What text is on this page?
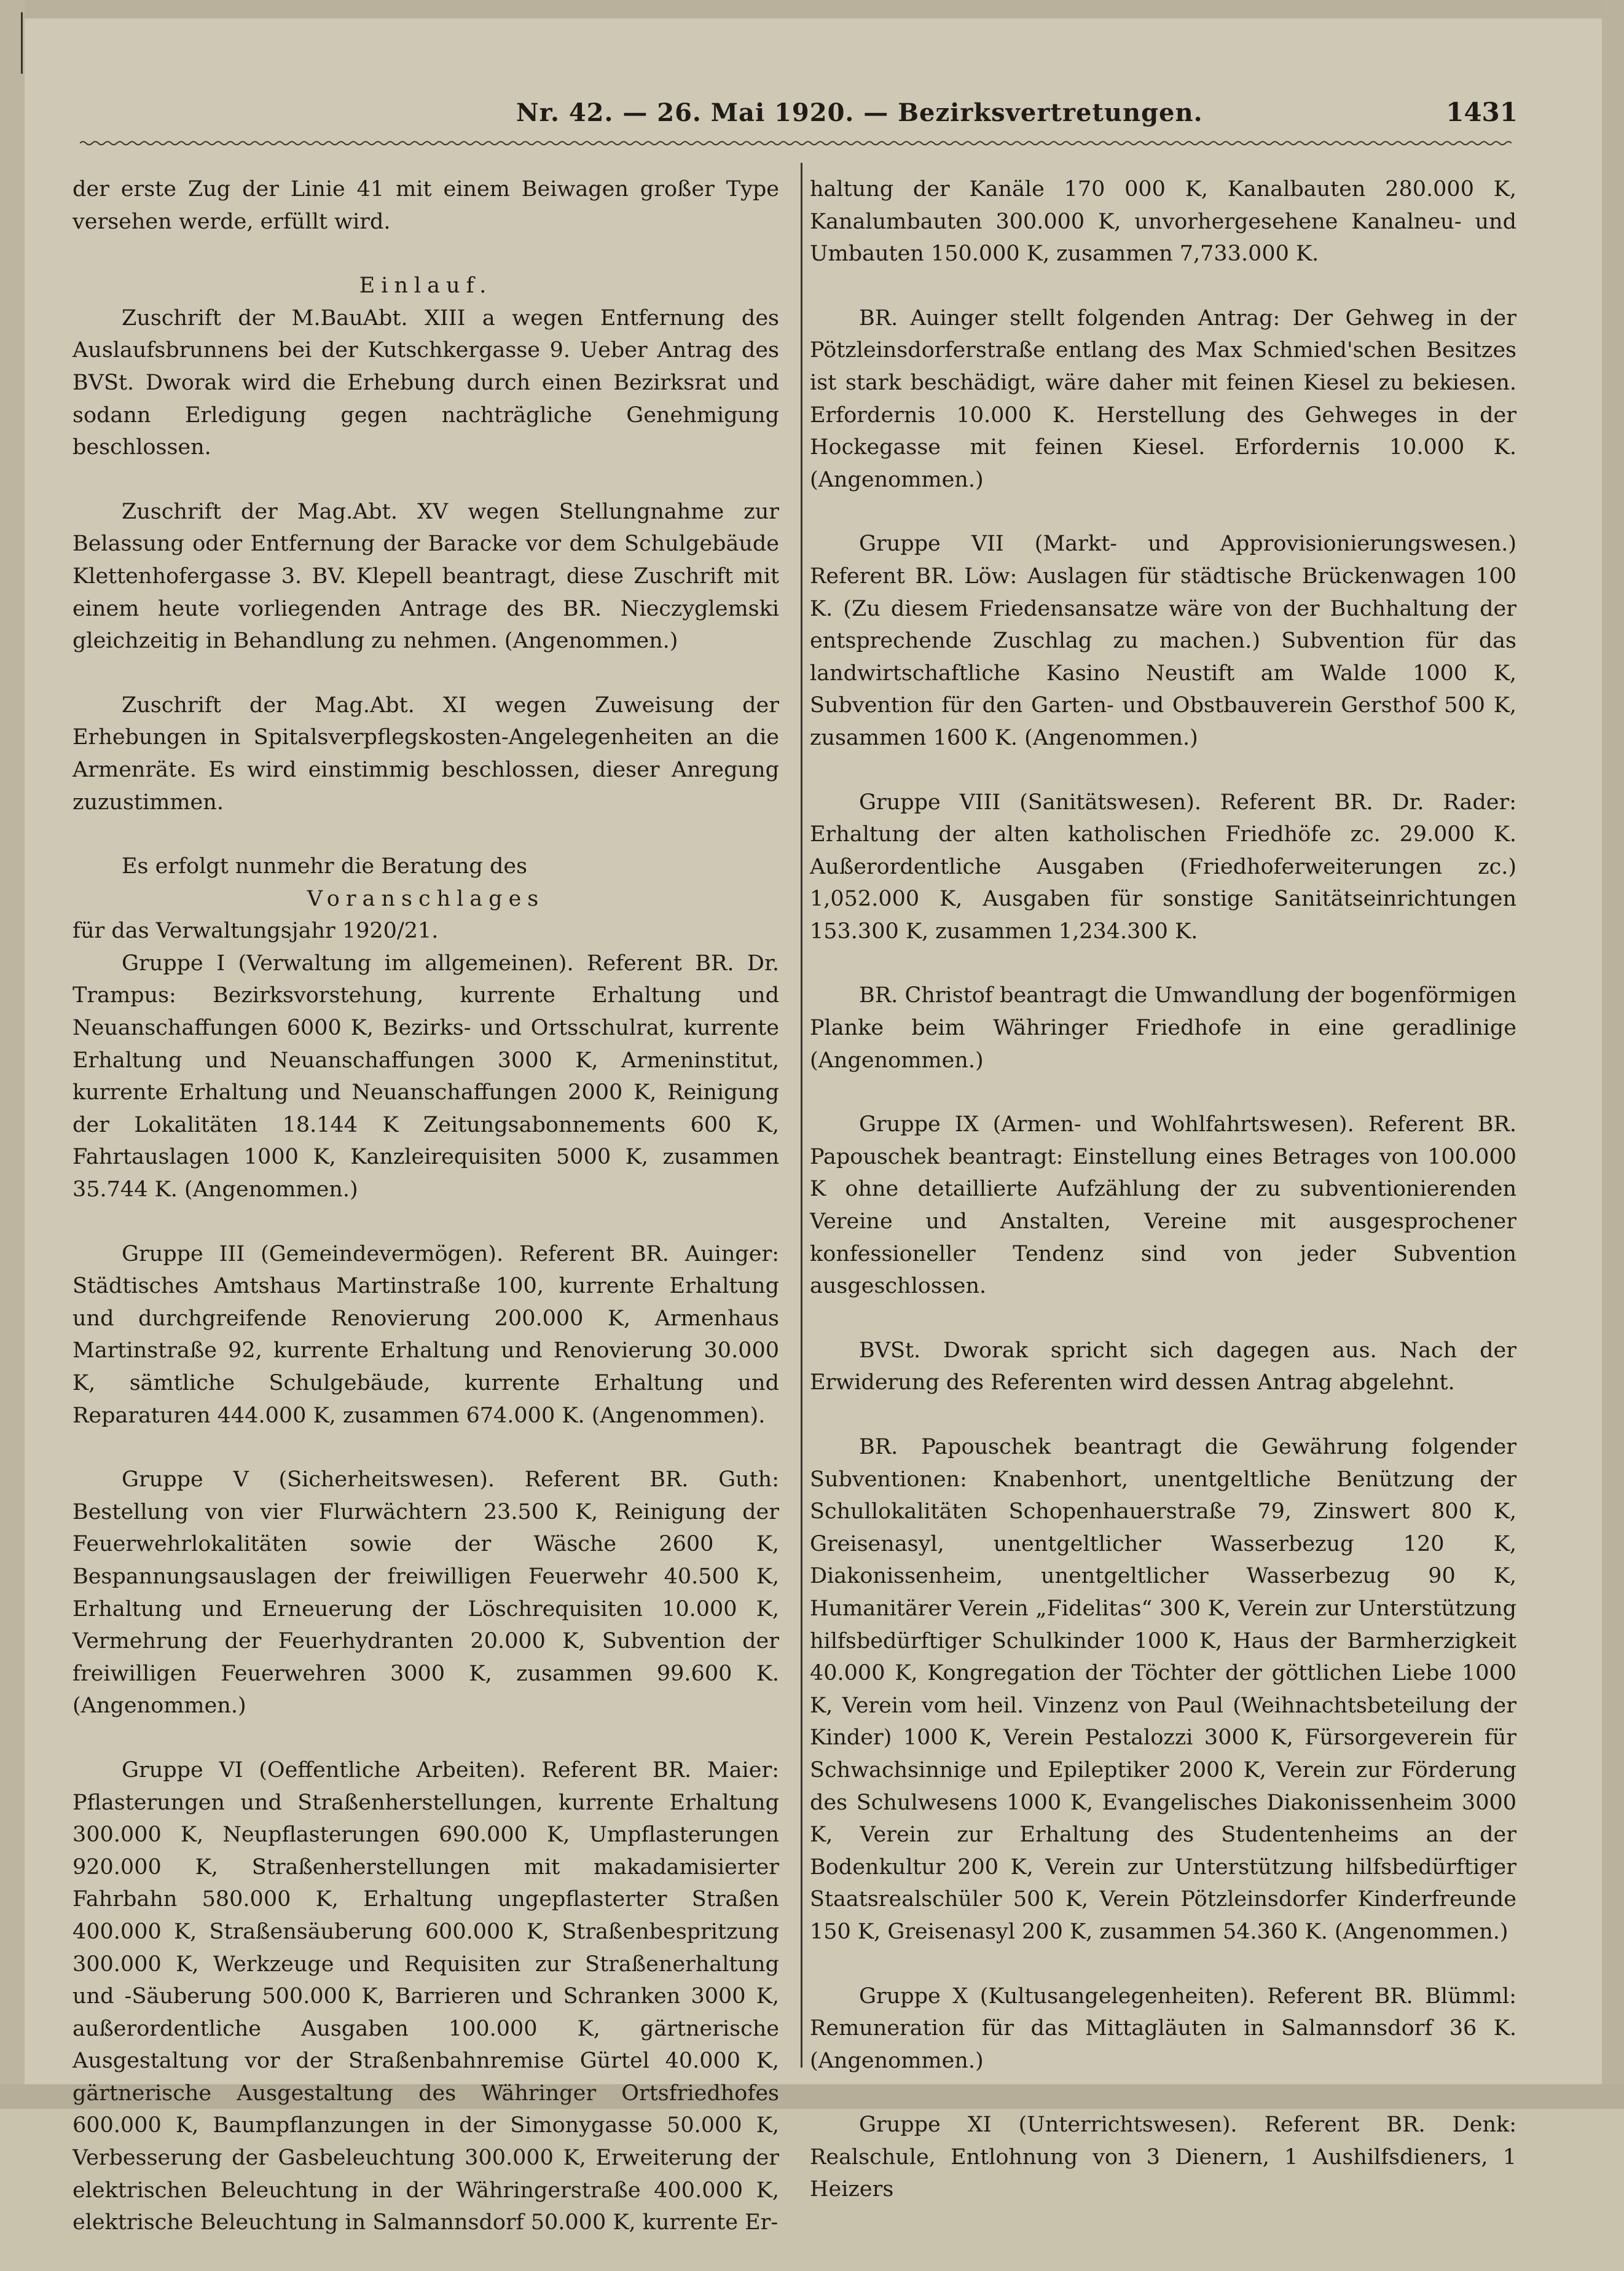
Nr. 42. — 26. Mai 1920. — Bezirksvertretungen.	1431

der erste Zug der Linie 41 mit einem Beiwagen großer Type versehen werde, erfüllt wird.

Einlauf.

Zuschrift der M.BauAbt. XIII a wegen Entfernung des Auslaufsbrunnens bei der Kutschkergasse 9. Ueber Antrag des BVSt. Dworak wird die Erhebung durch einen Bezirksrat und sodann Erledigung gegen nachträgliche Genehmigung beschlossen.

Zuschrift der Mag.Abt. XV wegen Stellungnahme zur Belassung oder Entfernung der Baracke vor dem Schulgebäude Klettenhofergasse 3. BV. Klepell beantragt, diese Zuschrift mit einem heute vorliegenden Antrage des BR. Nieczyglemski gleichzeitig in Behandlung zu nehmen. (Angenommen.)

Zuschrift der Mag.Abt. XI wegen Zuweisung der Erhebungen in Spitalsverpflegskosten-Angelegenheiten an die Armenräte. Es wird einstimmig beschlossen, dieser Anregung zuzustimmen.

Es erfolgt nunmehr die Beratung des

Voranschlages

für das Verwaltungsjahr 1920/21.

Gruppe I (Verwaltung im allgemeinen). Referent BR. Dr. Trampus: Bezirksvorstehung, kurrente Erhaltung und Neuanschaffungen 6000 K, Bezirks- und Ortsschulrat, kurrente Erhaltung und Neuanschaffungen 3000 K, Armeninstitut, kurrente Erhaltung und Neuanschaffungen 2000 K, Reinigung der Lokalitäten 18.144 K Zeitungsabonnements 600 K, Fahrtauslagen 1000 K, Kanzleirequisiten 5000 K, zusammen 35.744 K. (Angenommen.)

Gruppe III (Gemeindevermögen). Referent BR. Auinger: Städtisches Amtshaus Martinstraße 100, kurrente Erhaltung und durchgreifende Renovierung 200.000 K, Armenhaus Martinstraße 92, kurrente Erhaltung und Renovierung 30.000 K, sämtliche Schulgebäude, kurrente Erhaltung und Reparaturen 444.000 K, zusammen 674.000 K. (Angenommen).

Gruppe V (Sicherheitswesen). Referent BR. Guth: Bestellung von vier Flurwächtern 23.500 K, Reinigung der Feuerwehrlokalitäten sowie der Wäsche 2600 K, Bespannungsauslagen der freiwilligen Feuerwehr 40.500 K, Erhaltung und Erneuerung der Löschrequisiten 10.000 K, Vermehrung der Feuerhydranten 20.000 K, Subvention der freiwilligen Feuerwehren 3000 K, zusammen 99.600 K. (Angenommen.)

Gruppe VI (Oeffentliche Arbeiten). Referent BR. Maier: Pflasterungen und Straßenherstellungen, kurrente Erhaltung 300.000 K, Neupflasterungen 690.000 K, Umpflasterungen 920.000 K, Straßenherstellungen mit makadamisierter Fahrbahn 580.000 K, Erhaltung ungepflasterter Straßen 400.000 K, Straßensäuberung 600.000 K, Straßenbespritzung 300.000 K, Werkzeuge und Requisiten zur Straßenerhaltung und -Säuberung 500.000 K, Barrieren und Schranken 3000 K, außerordentliche Ausgaben 100.000 K, gärtnerische Ausgestaltung vor der Straßenbahnremise Gürtel 40.000 K, gärtnerische Ausgestaltung des Währinger Ortsfriedhofes 600.000 K, Baumpflanzungen in der Simonygasse 50.000 K, Verbesserung der Gasbeleuchtung 300.000 K, Erweiterung der elektrischen Beleuchtung in der Währingerstraße 400.000 K, elektrische Beleuchtung in Salmannsdorf 50.000 K, kurrente Er-

haltung der Kanäle 170 000 K, Kanalbauten 280.000 K, Kanalumbauten 300.000 K, unvorhergesehene Kanalneu- und Umbauten 150.000 K, zusammen 7,733.000 K.

BR. Auinger stellt folgenden Antrag: Der Gehweg in der Pötzleinsdorferstraße entlang des Max Schmied'schen Besitzes ist stark beschädigt, wäre daher mit feinen Kiesel zu bekiesen. Erfordernis 10.000 K. Herstellung des Gehweges in der Hockegasse mit feinen Kiesel. Erfordernis 10.000 K. (Angenommen.)

Gruppe VII (Markt- und Approvisionierungswesen.) Referent BR. Löw: Auslagen für städtische Brückenwagen 100 K. (Zu diesem Friedensansatze wäre von der Buchhaltung der entsprechende Zuschlag zu machen.) Subvention für das landwirtschaftliche Kasino Neustift am Walde 1000 K, Subvention für den Garten- und Obstbauverein Gersthof 500 K, zusammen 1600 K. (Angenommen.)

Gruppe VIII (Sanitätswesen). Referent BR. Dr. Rader: Erhaltung der alten katholischen Friedhöfe zc. 29.000 K. Außerordentliche Ausgaben (Friedhoferweiterungen zc.) 1,052.000 K, Ausgaben für sonstige Sanitätseinrichtungen 153.300 K, zusammen 1,234.300 K.

BR. Christof beantragt die Umwandlung der bogenförmigen Planke beim Währinger Friedhofe in eine geradlinige (Angenommen.)

Gruppe IX (Armen- und Wohlfahrtswesen). Referent BR. Papouschek beantragt: Einstellung eines Betrages von 100.000 K ohne detaillierte Aufzählung der zu subventionierenden Vereine und Anstalten, Vereine mit ausgesprochener konfessioneller Tendenz sind von jeder Subvention ausgeschlossen.

BVSt. Dworak spricht sich dagegen aus. Nach der Erwiderung des Referenten wird dessen Antrag abgelehnt.

BR. Papouschek beantragt die Gewährung folgender Subventionen: Knabenhort, unentgeltliche Benützung der Schullokalitäten Schopenhauerstraße 79, Zinswert 800 K, Greisenasyl, unentgeltlicher Wasserbezug 120 K, Diakonissenheim, unentgeltlicher Wasserbezug 90 K, Humanitärer Verein „Fidelitas“ 300 K, Verein zur Unterstützung hilfsbedürftiger Schulkinder 1000 K, Haus der Barmherzigkeit 40.000 K, Kongregation der Töchter der göttlichen Liebe 1000 K, Verein vom heil. Vinzenz von Paul (Weihnachtsbeteilung der Kinder) 1000 K, Verein Pestalozzi 3000 K, Fürsorgeverein für Schwachsinnige und Epileptiker 2000 K, Verein zur Förderung des Schulwesens 1000 K, Evangelisches Diakonissenheim 3000 K, Verein zur Erhaltung des Studentenheims an der Bodenkultur 200 K, Verein zur Unterstützung hilfsbedürftiger Staatsrealschüler 500 K, Verein Pötzleinsdorfer Kinderfreunde 150 K, Greisenasyl 200 K, zusammen 54.360 K. (Angenommen.)

Gruppe X (Kultusangelegenheiten). Referent BR. Blümml: Remuneration für das Mittagläuten in Salmannsdorf 36 K. (Angenommen.)

Gruppe XI (Unterrichtswesen). Referent BR. Denk: Realschule, Entlohnung von 3 Dienern, 1 Aushilfsdieners, 1 Heizers
